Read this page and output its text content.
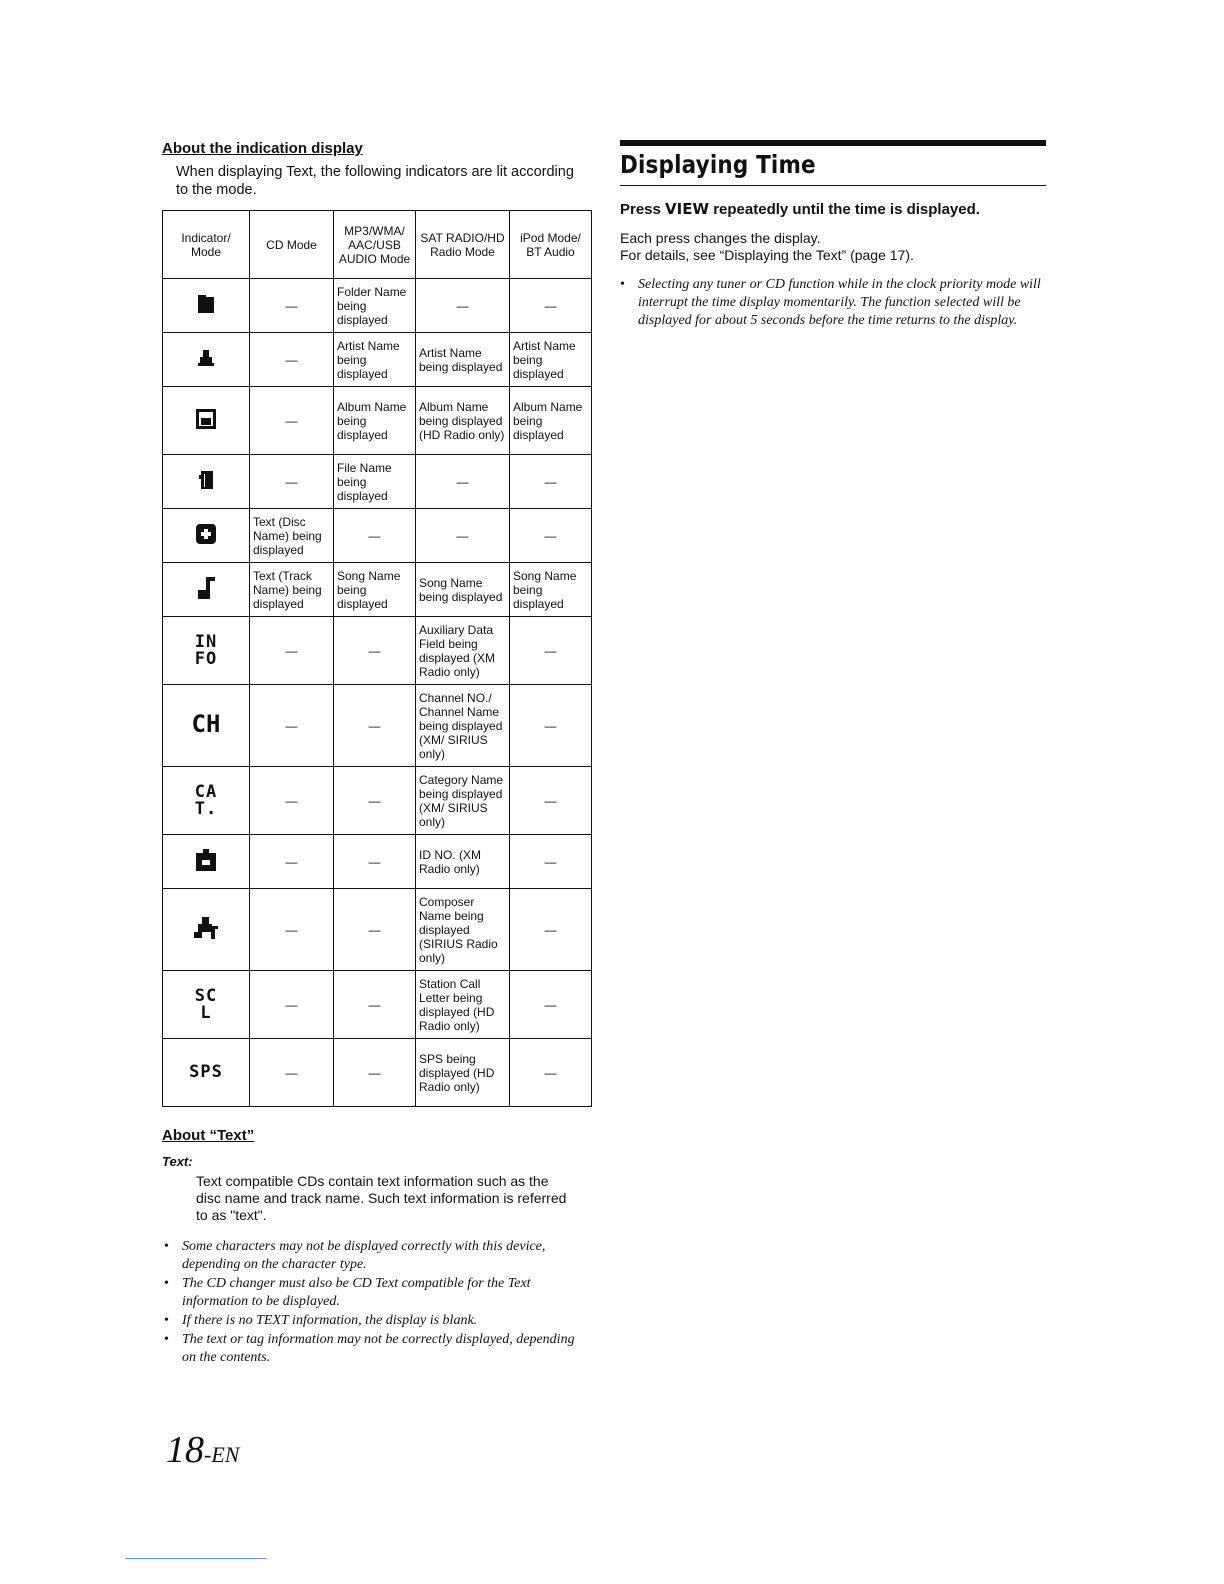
About the indication display

When displaying Text, the following indicators are lit according to the mode.

Indicator/ Mode	CD Mode	MP3/WMA/ AAC/USB AUDIO Mode	SAT RADIO/HD Radio Mode	iPod Mode/ BT Audio
	—	Folder Name being displayed	—	—
	—	Artist Name being displayed	Artist Name being displayed	Artist Name being displayed
	—	Album Name being displayed	Album Name being displayed (HD Radio only)	Album Name being displayed
	—	File Name being displayed	—	—
	Text (Disc Name) being displayed	—	—	—
	Text (Track Name) being displayed	Song Name being displayed	Song Name being displayed	Song Name being displayed
IN FO	—	—	Auxiliary Data Field being displayed (XM Radio only)	—
CH	—	—	Channel NO./ Channel Name being displayed (XM/ SIRIUS only)	—
CA T.	—	—	Category Name being displayed (XM/ SIRIUS only)	—
	—	—	ID NO. (XM Radio only)	—
	—	—	Composer Name being displayed (SIRIUS Radio only)	—
SC L	—	—	Station Call Letter being displayed (HD Radio only)	—
SPS	—	—	SPS being displayed (HD Radio only)	—

About “Text”

Text:

Text compatible CDs contain text information such as the disc name and track name. Such text information is referred to as "text".

• Some characters may not be displayed correctly with this device, depending on the character type.
• The CD changer must also be CD Text compatible for the Text information to be displayed.
• If there is no TEXT information, the display is blank.
• The text or tag information may not be correctly displayed, depending on the contents.
18-EN

Displaying Time

Press VIEW repeatedly until the time is displayed.

Each press changes the display.
For details, see “Displaying the Text” (page 17).

• Selecting any tuner or CD function while in the clock priority mode will interrupt the time display momentarily. The function selected will be displayed for about 5 seconds before the time returns to the display.
